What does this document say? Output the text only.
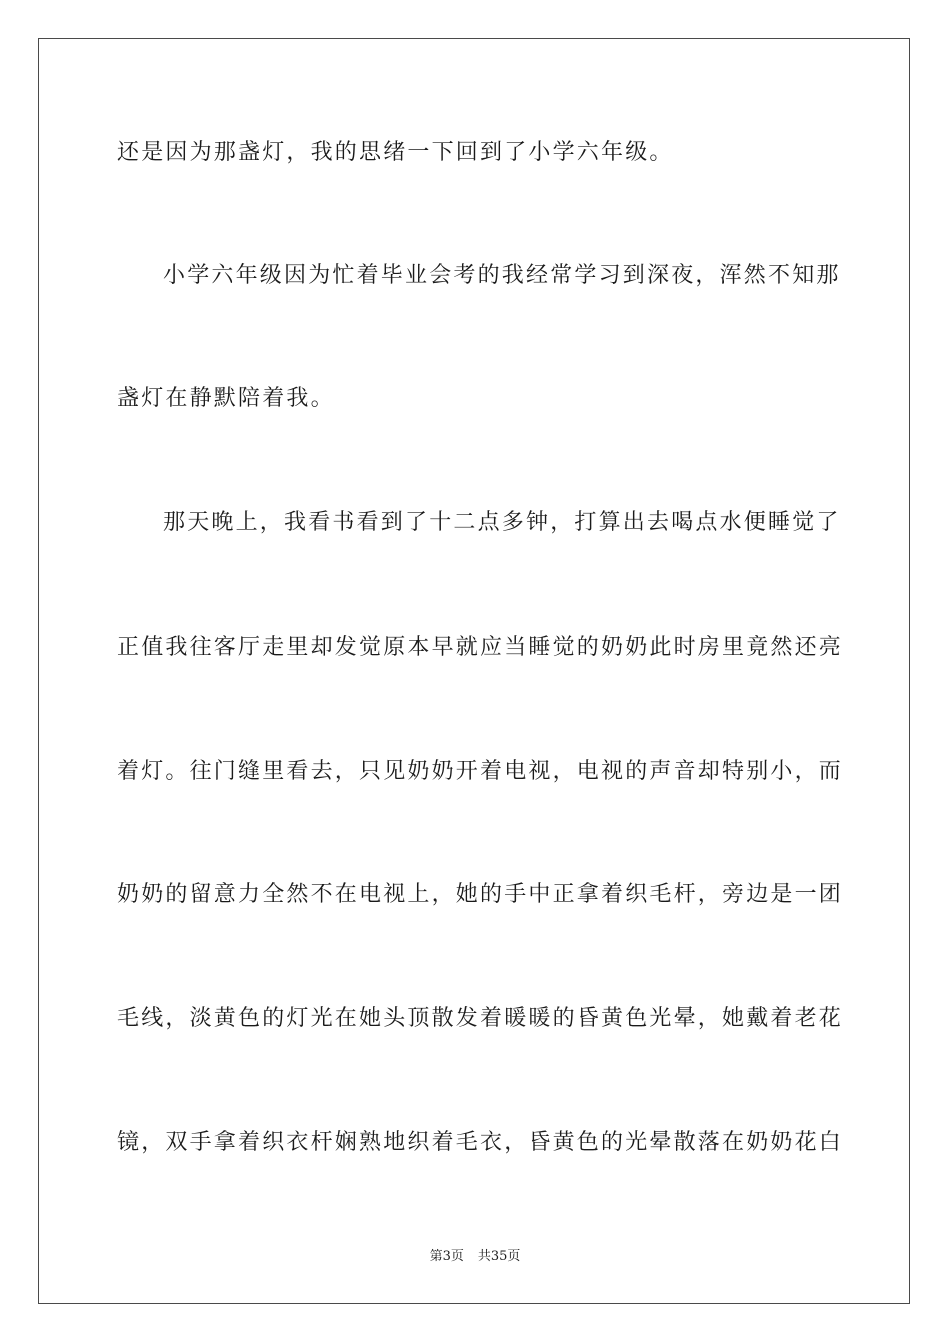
还是因为那盏灯，我的思绪一下回到了小学六年级。
小学六年级因为忙着毕业会考的我经常学习到深夜，浑然不知那
盏灯在静默陪着我。
那天晚上，我看书看到了十二点多钟，打算出去喝点水便睡觉了
正值我往客厅走里却发觉原本早就应当睡觉的奶奶此时房里竟然还亮
着灯。往门缝里看去，只见奶奶开着电视，电视的声音却特别小，而
奶奶的留意力全然不在电视上，她的手中正拿着织毛杆，旁边是一团
毛线，淡黄色的灯光在她头顶散发着暖暖的昏黄色光晕，她戴着老花
镜，双手拿着织衣杆娴熟地织着毛衣，昏黄色的光晕散落在奶奶花白
第3页 共35页
